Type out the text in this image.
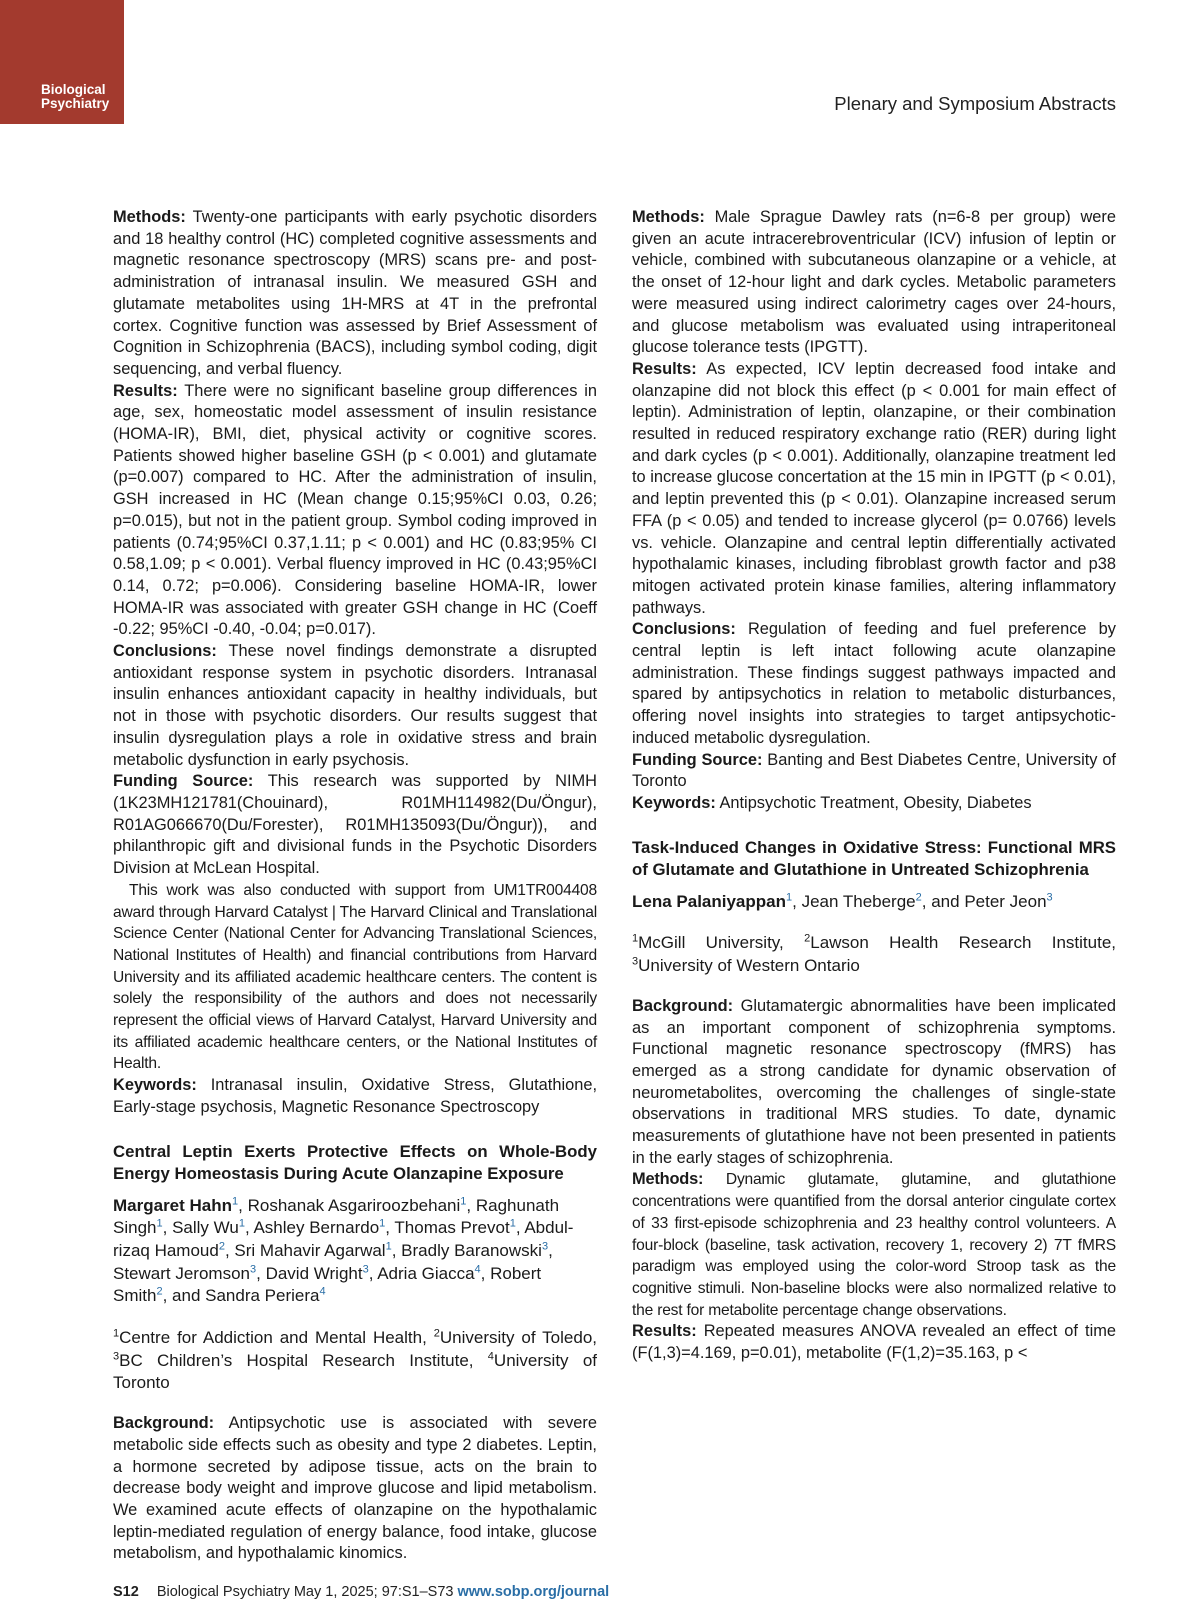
Biological
Psychiatry	Plenary and Symposium Abstracts

Methods: Twenty-one participants with early psychotic disorders and 18 healthy control (HC) completed cognitive assessments and magnetic resonance spectroscopy (MRS) scans pre- and post- administration of intranasal insulin. We measured GSH and glutamate metabolites using 1H-MRS at 4T in the prefrontal cortex. Cognitive function was assessed by Brief Assessment of Cognition in Schizophrenia (BACS), including symbol coding, digit sequencing, and verbal fluency.

Results: There were no significant baseline group differences in age, sex, homeostatic model assessment of insulin resistance (HOMA-IR), BMI, diet, physical activity or cognitive scores. Patients showed higher baseline GSH (p < 0.001) and glutamate (p=0.007) compared to HC. After the administration of insulin, GSH increased in HC (Mean change 0.15;95%CI 0.03, 0.26; p=0.015), but not in the patient group. Symbol coding improved in patients (0.74;95%CI 0.37,1.11; p < 0.001) and HC (0.83;95% CI 0.58,1.09; p < 0.001). Verbal fluency improved in HC (0.43;95%CI 0.14, 0.72; p=0.006). Considering baseline HOMA-IR, lower HOMA-IR was associated with greater GSH change in HC (Coeff -0.22; 95%CI -0.40, -0.04; p=0.017).

Conclusions: These novel findings demonstrate a disrupted antioxidant response system in psychotic disorders. Intranasal insulin enhances antioxidant capacity in healthy individuals, but not in those with psychotic disorders. Our results suggest that insulin dysregulation plays a role in oxidative stress and brain metabolic dysfunction in early psychosis.

Funding Source: This research was supported by NIMH (1K23MH121781(Chouinard), R01MH114982(Du/Öngur), R01AG066670(Du/Forester), R01MH135093(Du/Öngur)), and philanthropic gift and divisional funds in the Psychotic Disorders Division at McLean Hospital.

This work was also conducted with support from UM1TR004408 award through Harvard Catalyst | The Harvard Clinical and Translational Science Center (National Center for Advancing Translational Sciences, National Institutes of Health) and financial contributions from Harvard University and its affiliated academic healthcare centers. The content is solely the responsibility of the authors and does not necessarily represent the official views of Harvard Catalyst, Harvard University and its affiliated academic healthcare centers, or the National Institutes of Health.

Keywords: Intranasal insulin, Oxidative Stress, Glutathione, Early-stage psychosis, Magnetic Resonance Spectroscopy

Central Leptin Exerts Protective Effects on Whole-Body Energy Homeostasis During Acute Olanzapine Exposure

Margaret Hahn$^1$, Roshanak Asgariroozbehani$^1$, Raghunath Singh$^1$, Sally Wu$^1$, Ashley Bernardo$^1$, Thomas Prevot$^1$, Abdul-rizaq Hamoud$^2$, Sri Mahavir Agarwal$^1$, Bradly Baranowski$^3$, Stewart Jeromson$^3$, David Wright$^3$, Adria Giacca$^4$, Robert Smith$^2$, and Sandra Periera$^4$

$^1$Centre for Addiction and Mental Health, $^2$University of Toledo, $^3$BC Children’s Hospital Research Institute, $^4$University of Toronto

Background: Antipsychotic use is associated with severe metabolic side effects such as obesity and type 2 diabetes. Leptin, a hormone secreted by adipose tissue, acts on the brain to decrease body weight and improve glucose and lipid metabolism. We examined acute effects of olanzapine on the hypothalamic leptin-mediated regulation of energy balance, food intake, glucose metabolism, and hypothalamic kinomics.

Methods: Male Sprague Dawley rats (n=6-8 per group) were given an acute intracerebroventricular (ICV) infusion of leptin or vehicle, combined with subcutaneous olanzapine or a vehicle, at the onset of 12-hour light and dark cycles. Metabolic parameters were measured using indirect calorimetry cages over 24-hours, and glucose metabolism was evaluated using intraperitoneal glucose tolerance tests (IPGTT).

Results: As expected, ICV leptin decreased food intake and olanzapine did not block this effect (p < 0.001 for main effect of leptin). Administration of leptin, olanzapine, or their combination resulted in reduced respiratory exchange ratio (RER) during light and dark cycles (p < 0.001). Additionally, olanzapine treatment led to increase glucose concertation at the 15 min in IPGTT (p < 0.01), and leptin prevented this (p < 0.01). Olanzapine increased serum FFA (p < 0.05) and tended to increase glycerol (p= 0.0766) levels vs. vehicle. Olanzapine and central leptin differentially activated hypothalamic kinases, including fibroblast growth factor and p38 mitogen activated protein kinase families, altering inflammatory pathways.

Conclusions: Regulation of feeding and fuel preference by central leptin is left intact following acute olanzapine administration. These findings suggest pathways impacted and spared by antipsychotics in relation to metabolic disturbances, offering novel insights into strategies to target antipsychotic-induced metabolic dysregulation.

Funding Source: Banting and Best Diabetes Centre, University of Toronto

Keywords: Antipsychotic Treatment, Obesity, Diabetes

Task-Induced Changes in Oxidative Stress: Functional MRS of Glutamate and Glutathione in Untreated Schizophrenia

Lena Palaniyappan$^1$, Jean Theberge$^2$, and Peter Jeon$^3$

$^1$McGill University, $^2$Lawson Health Research Institute, $^3$University of Western Ontario

Background: Glutamatergic abnormalities have been implicated as an important component of schizophrenia symptoms. Functional magnetic resonance spectroscopy (fMRS) has emerged as a strong candidate for dynamic observation of neurometabolites, overcoming the challenges of single-state observations in traditional MRS studies. To date, dynamic measurements of glutathione have not been presented in patients in the early stages of schizophrenia.

Methods: Dynamic glutamate, glutamine, and glutathione concentrations were quantified from the dorsal anterior cingulate cortex of 33 first-episode schizophrenia and 23 healthy control volunteers. A four-block (baseline, task activation, recovery 1, recovery 2) 7T fMRS paradigm was employed using the color-word Stroop task as the cognitive stimuli. Non-baseline blocks were also normalized relative to the rest for metabolite percentage change observations.

Results: Repeated measures ANOVA revealed an effect of time (F(1,3)=4.169, p=0.01), metabolite (F(1,2)=35.163, p <

S12 Biological Psychiatry May 1, 2025; 97:S1–S73 www.sobp.org/journal
